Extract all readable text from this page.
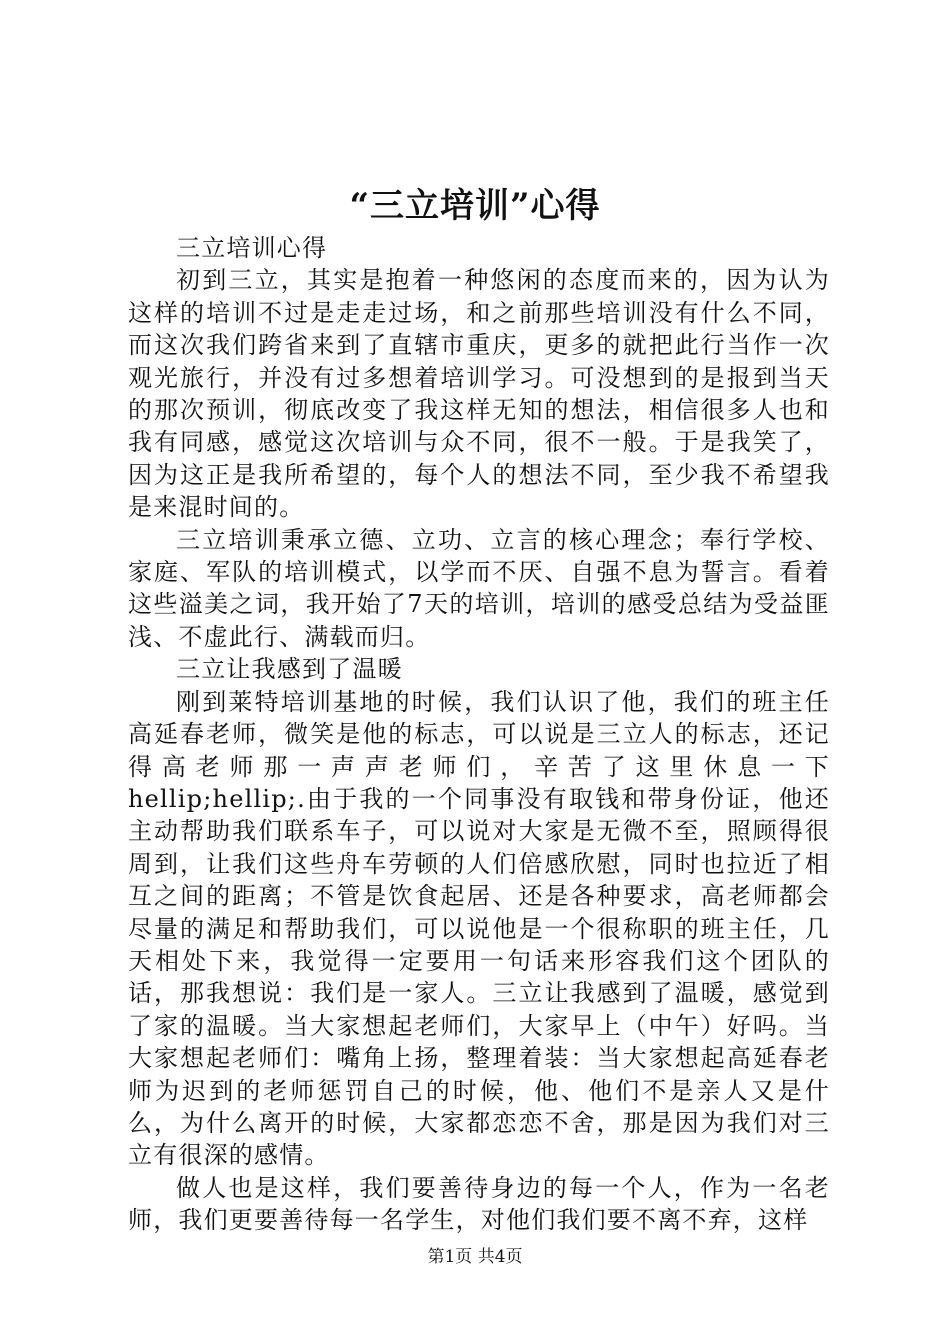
“三立培训”心得

三立培训心得

初到三立，其实是抱着一种悠闲的态度而来的，因为认为这样的培训不过是走走过场，和之前那些培训没有什么不同，而这次我们跨省来到了直辖市重庆，更多的就把此行当作一次观光旅行，并没有过多想着培训学习。可没想到的是报到当天的那次预训，彻底改变了我这样无知的想法，相信很多人也和我有同感，感觉这次培训与众不同，很不一般。于是我笑了，因为这正是我所希望的，每个人的想法不同，至少我不希望我是来混时间的。

三立培训秉承立德、立功、立言的核心理念；奉行学校、家庭、军队的培训模式，以学而不厌、自强不息为誓言。看着这些溢美之词，我开始了7天的培训，培训的感受总结为受益匪浅、不虚此行、满载而归。

三立让我感到了温暖

刚到莱特培训基地的时候，我们认识了他，我们的班主任高延春老师，微笑是他的标志，可以说是三立人的标志，还记得高老师那一声声老师们，辛苦了这里休息一下hellip;hellip;.由于我的一个同事没有取钱和带身份证，他还主动帮助我们联系车子，可以说对大家是无微不至，照顾得很周到，让我们这些舟车劳顿的人们倍感欣慰，同时也拉近了相互之间的距离；不管是饮食起居、还是各种要求，高老师都会尽量的满足和帮助我们，可以说他是一个很称职的班主任，几天相处下来，我觉得一定要用一句话来形容我们这个团队的话，那我想说：我们是一家人。三立让我感到了温暖，感觉到了家的温暖。当大家想起老师们，大家早上（中午）好吗。当大家想起老师们：嘴角上扬，整理着装：当大家想起高延春老师为迟到的老师惩罚自己的时候，他、他们不是亲人又是什么，为什么离开的时候，大家都恋恋不舍，那是因为我们对三立有很深的感情。

做人也是这样，我们要善待身边的每一个人，作为一名老师，我们更要善待每一名学生，对他们我们要不离不弃，这样

第1页 共4页
